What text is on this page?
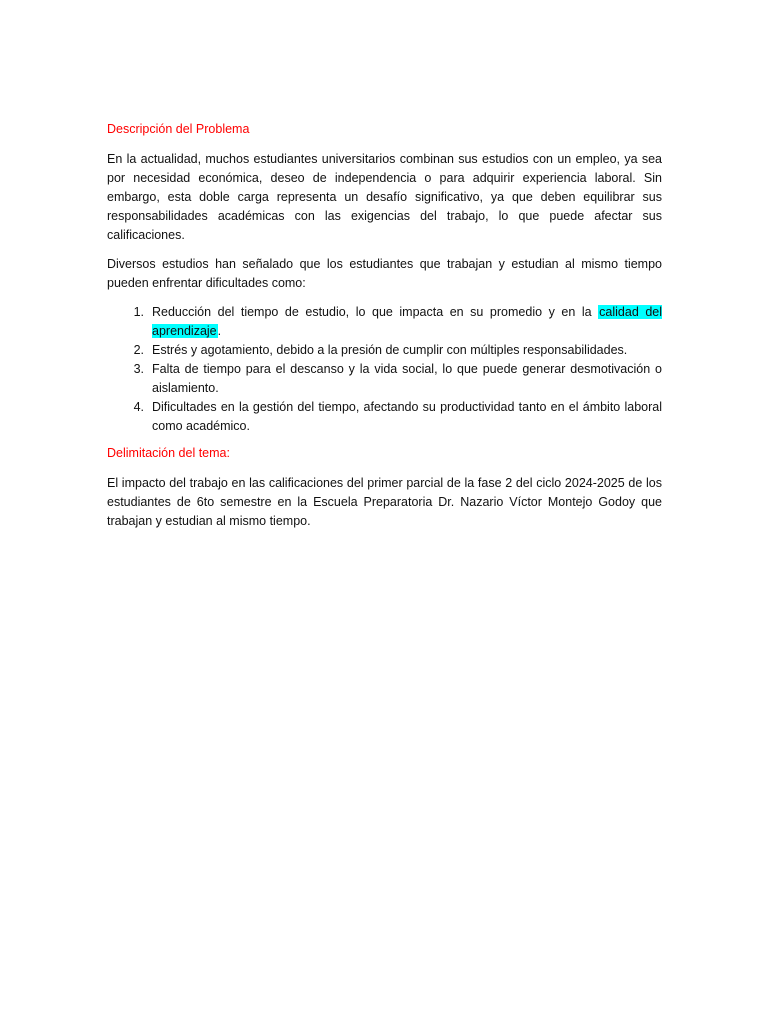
Descripción del Problema

En la actualidad, muchos estudiantes universitarios combinan sus estudios con un empleo, ya sea por necesidad económica, deseo de independencia o para adquirir experiencia laboral. Sin embargo, esta doble carga representa un desafío significativo, ya que deben equilibrar sus responsabilidades académicas con las exigencias del trabajo, lo que puede afectar sus calificaciones.

Diversos estudios han señalado que los estudiantes que trabajan y estudian al mismo tiempo pueden enfrentar dificultades como:

1. Reducción del tiempo de estudio, lo que impacta en su promedio y en la calidad del aprendizaje.
2. Estrés y agotamiento, debido a la presión de cumplir con múltiples responsabilidades.
3. Falta de tiempo para el descanso y la vida social, lo que puede generar desmotivación o aislamiento.
4. Dificultades en la gestión del tiempo, afectando su productividad tanto en el ámbito laboral como académico.
Delimitación del tema:

El impacto del trabajo en las calificaciones del primer parcial de la fase 2 del ciclo 2024-2025 de los estudiantes de 6to semestre en la Escuela Preparatoria Dr. Nazario Víctor Montejo Godoy que trabajan y estudian al mismo tiempo.
